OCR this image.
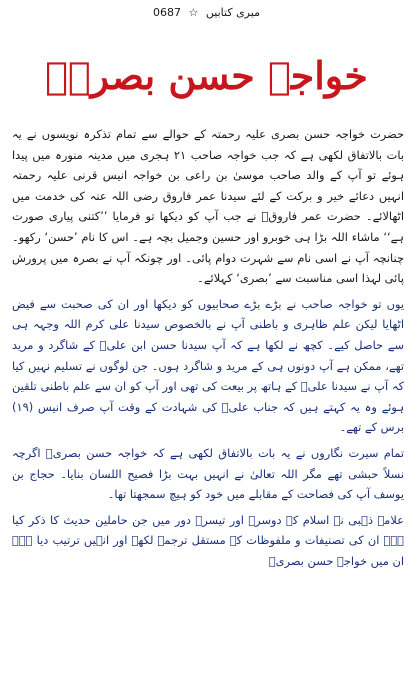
میری کتابیں ☆ 0687
خواجہ حسن بصریؒ

حضرت خواجہ حسن بصری علیہ رحمتہ کے حوالے سے تمام تذکرہ نویسوں نے یہ بات بالاتفاق لکھی ہے کہ جب خواجہ صاحب ۲۱ ہجری میں مدینہ منورہ میں پیدا ہوئے تو آپ کے والد صاحب موسیٰ بن راعی بن خواجہ انیس قرنی علیہ رحمتہ انہیں دعائے خیر و برکت کے لئے سیدنا عمر فاروق رضی اللہ عنہ کی خدمت میں اٹھالائے۔ حضرت عمر فاروقؓ نے جب آپ کو دیکھا تو فرمایا ’’کتنی پیاری صورت ہے‘‘ ماشاء اللہ بڑا ہی خوبرو اور حسین وجمیل بچہ ہے۔ اس کا نام ’حسن‘ رکھو۔ چنانچہ آپ نے اسی نام سے شہرت دوام پائی۔ اور چونکہ آپ نے بصرہ میں پرورش پائی لہذا اسی مناسبت سے ’بصری‘ کہلائے۔

یوں تو خواجہ صاحب نے بڑے بڑے صحابیوں کو دیکھا اور ان کی صحبت سے فیض اٹھایا لیکن علم ظاہری و باطنی آپ نے بالخصوص سیدنا علی کرم اللہ وجہہ ہی سے حاصل کیے۔ کچھ نے لکھا ہے کہ آپ سیدنا حسن ابن علیؓ کے شاگرد و مرید تھے، ممکن ہے آپ دونوں ہی کے مرید و شاگرد ہوں۔ جن لوگوں نے تسلیم نہیں کیا کہ آپ نے سیدنا علیؓ کے ہاتھ پر بیعت کی تھی اور آپ کو ان سے علم باطنی تلقین ہوئے وہ یہ کہتے ہیں کہ جناب علیؓ کی شہادت کے وقت آپ صرف انیس (۱۹) برس کے تھے۔

تمام سیرت نگاروں نے یہ بات بالاتفاق لکھی ہے کہ خواجہ حسن بصریؒ اگرچہ نسلاً حبشی تھے مگر اللہ تعالیٰ نے انہیں بہت بڑا فصیح اللسان بنایا۔ حجاج بن یوسف آپ کی فصاحت کے مقابلے میں خود کو ہیچ سمجھتا تھا۔

علامہ ذہبی نے اسلام کے دوسرے اور تیسرے دور میں جن حاملین حدیث کا ذکر کیا ہے۔ ان کی تصنیفات و ملفوظات کے مستقل ترجمے لکھے اور انہیں ترتیب دیا ہے۔ ان میں خواجہ حسن بصریؒ
